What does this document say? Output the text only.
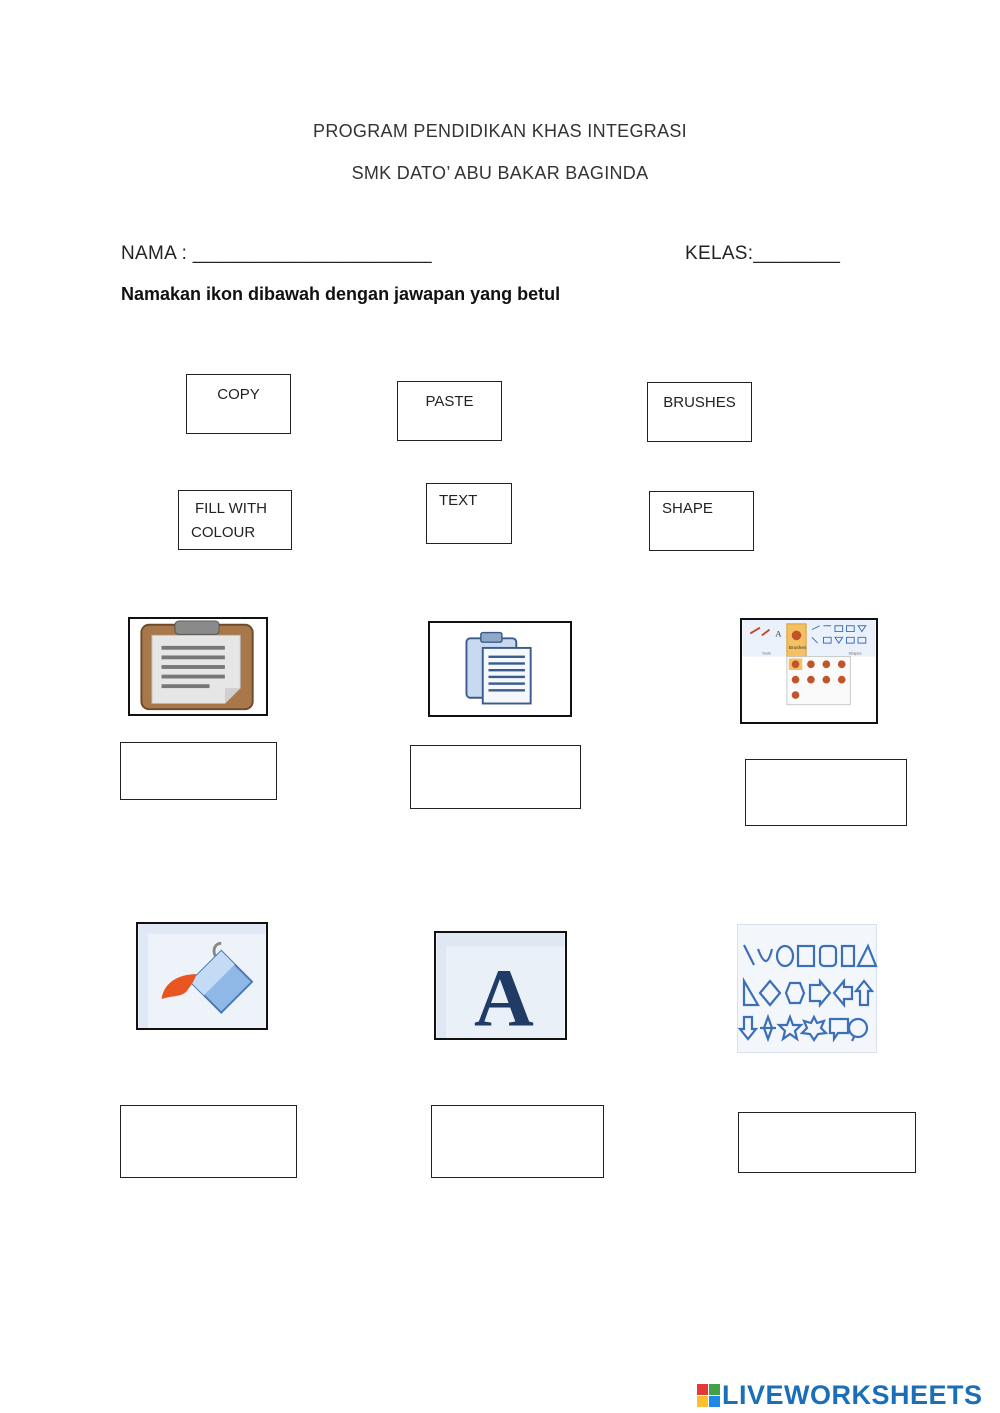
PROGRAM PENDIDIKAN KHAS INTEGRASI
SMK DATO’ ABU BAKAR BAGINDA
NAMA : ______________________	KELAS:________
Namakan ikon dibawah dengan jawapan yang betul
COPY	PASTE	BRUSHES
FILL WITH
COLOUR
TEXT	SHAPE
A
Brushes
Tools	Shapes
A
LIVEWORKSHEETS
